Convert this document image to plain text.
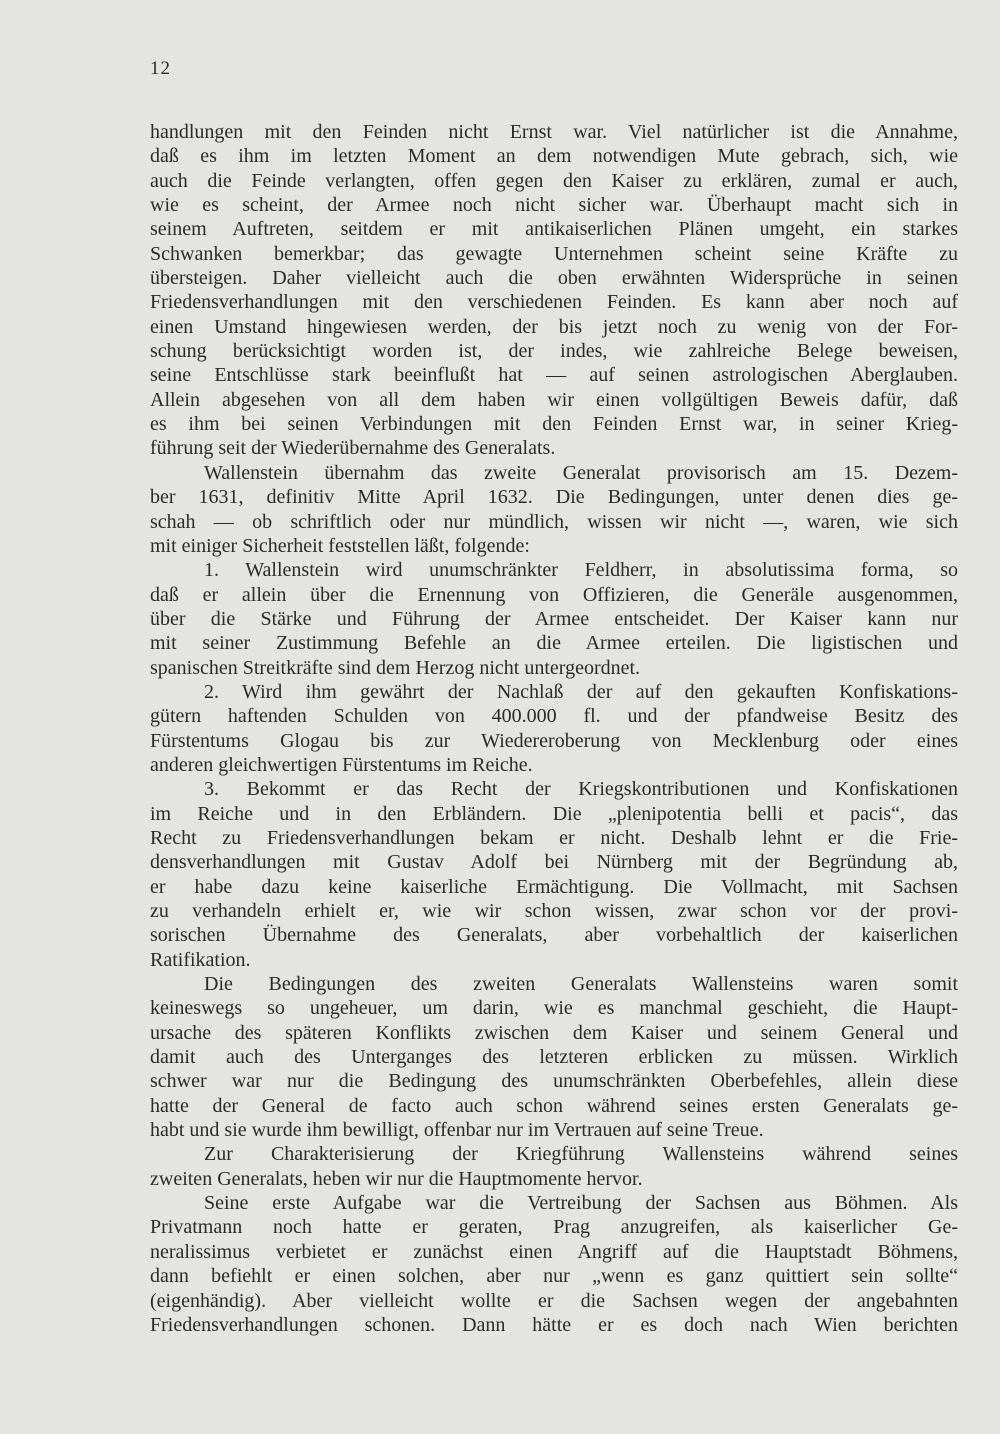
12
handlungen mit den Feinden nicht Ernst war. Viel natürlicher ist die Annahme,
daß es ihm im letzten Moment an dem notwendigen Mute gebrach, sich, wie
auch die Feinde verlangten, offen gegen den Kaiser zu erklären, zumal er auch,
wie es scheint, der Armee noch nicht sicher war. Überhaupt macht sich in
seinem Auftreten, seitdem er mit antikaiserlichen Plänen umgeht, ein starkes
Schwanken bemerkbar; das gewagte Unternehmen scheint seine Kräfte zu
übersteigen. Daher vielleicht auch die oben erwähnten Widersprüche in seinen
Friedensverhandlungen mit den verschiedenen Feinden. Es kann aber noch auf
einen Umstand hingewiesen werden, der bis jetzt noch zu wenig von der For-
schung berücksichtigt worden ist, der indes, wie zahlreiche Belege beweisen,
seine Entschlüsse stark beeinflußt hat — auf seinen astrologischen Aberglauben.
Allein abgesehen von all dem haben wir einen vollgültigen Beweis dafür, daß
es ihm bei seinen Verbindungen mit den Feinden Ernst war, in seiner Krieg-
führung seit der Wiederübernahme des Generalats.
Wallenstein übernahm das zweite Generalat provisorisch am 15. Dezem-
ber 1631, definitiv Mitte April 1632. Die Bedingungen, unter denen dies ge-
schah — ob schriftlich oder nur mündlich, wissen wir nicht —, waren, wie sich
mit einiger Sicherheit feststellen läßt, folgende:
1. Wallenstein wird unumschränkter Feldherr, in absolutissima forma, so
daß er allein über die Ernennung von Offizieren, die Generäle ausgenommen,
über die Stärke und Führung der Armee entscheidet. Der Kaiser kann nur
mit seiner Zustimmung Befehle an die Armee erteilen. Die ligistischen und
spanischen Streitkräfte sind dem Herzog nicht untergeordnet.
2. Wird ihm gewährt der Nachlaß der auf den gekauften Konfiskations-
gütern haftenden Schulden von 400.000 fl. und der pfandweise Besitz des
Fürstentums Glogau bis zur Wiedereroberung von Mecklenburg oder eines
anderen gleichwertigen Fürstentums im Reiche.
3. Bekommt er das Recht der Kriegskontributionen und Konfiskationen
im Reiche und in den Erbländern. Die „plenipotentia belli et pacis“, das
Recht zu Friedensverhandlungen bekam er nicht. Deshalb lehnt er die Frie-
densverhandlungen mit Gustav Adolf bei Nürnberg mit der Begründung ab,
er habe dazu keine kaiserliche Ermächtigung. Die Vollmacht, mit Sachsen
zu verhandeln erhielt er, wie wir schon wissen, zwar schon vor der provi-
sorischen Übernahme des Generalats, aber vorbehaltlich der kaiserlichen
Ratifikation.
Die Bedingungen des zweiten Generalats Wallensteins waren somit
keineswegs so ungeheuer, um darin, wie es manchmal geschieht, die Haupt-
ursache des späteren Konflikts zwischen dem Kaiser und seinem General und
damit auch des Unterganges des letzteren erblicken zu müssen. Wirklich
schwer war nur die Bedingung des unumschränkten Oberbefehles, allein diese
hatte der General de facto auch schon während seines ersten Generalats ge-
habt und sie wurde ihm bewilligt, offenbar nur im Vertrauen auf seine Treue.
Zur Charakterisierung der Kriegführung Wallensteins während seines
zweiten Generalats, heben wir nur die Hauptmomente hervor.
Seine erste Aufgabe war die Vertreibung der Sachsen aus Böhmen. Als
Privatmann noch hatte er geraten, Prag anzugreifen, als kaiserlicher Ge-
neralissimus verbietet er zunächst einen Angriff auf die Hauptstadt Böhmens,
dann befiehlt er einen solchen, aber nur „wenn es ganz quittiert sein sollte“
(eigenhändig). Aber vielleicht wollte er die Sachsen wegen der angebahnten
Friedensverhandlungen schonen. Dann hätte er es doch nach Wien berichten
